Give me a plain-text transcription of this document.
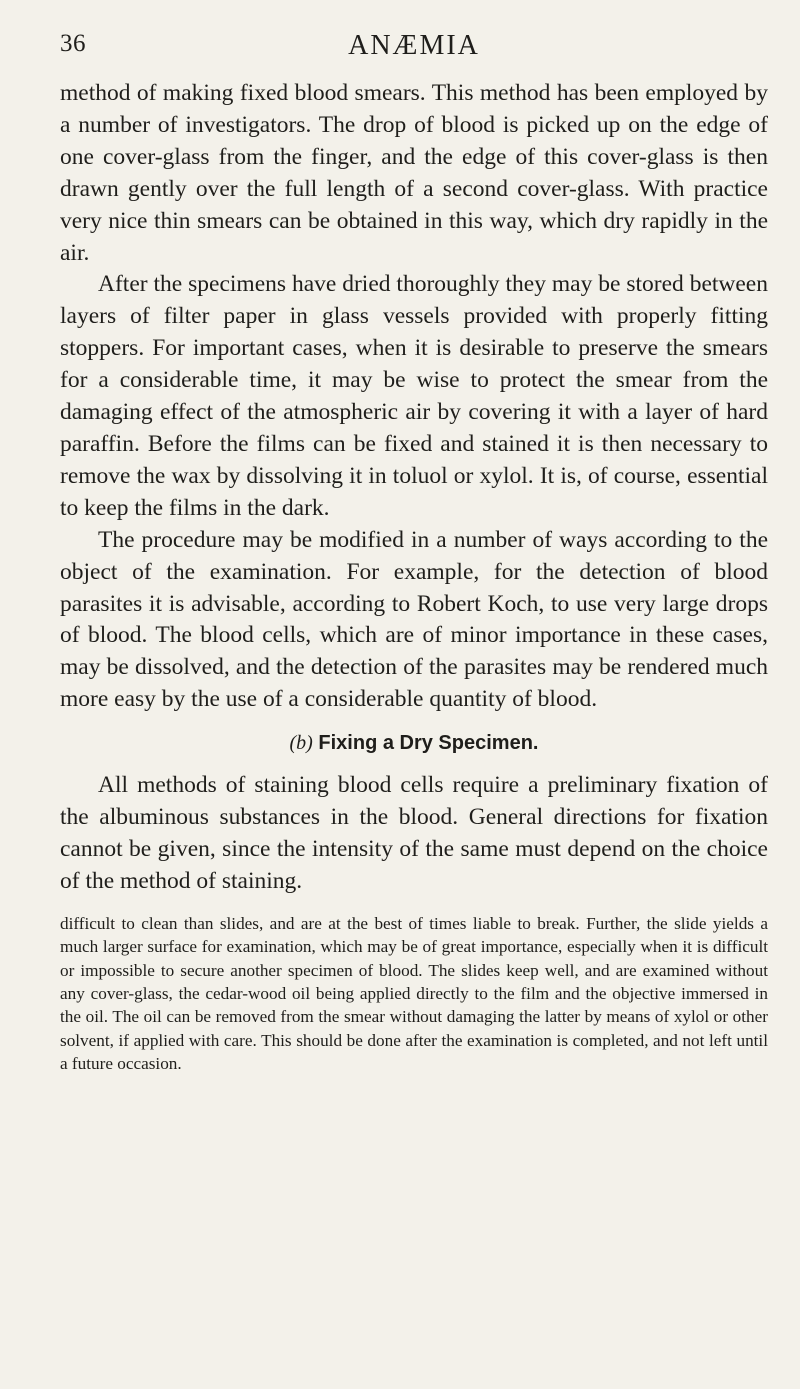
36	ANÆMIA

method of making fixed blood smears. This method has been employed by a number of investigators. The drop of blood is picked up on the edge of one cover-glass from the finger, and the edge of this cover-glass is then drawn gently over the full length of a second cover-glass. With practice very nice thin smears can be obtained in this way, which dry rapidly in the air.

After the specimens have dried thoroughly they may be stored between layers of filter paper in glass vessels provided with properly fitting stoppers. For important cases, when it is desirable to preserve the smears for a considerable time, it may be wise to protect the smear from the damaging effect of the atmospheric air by covering it with a layer of hard paraffin. Before the films can be fixed and stained it is then necessary to remove the wax by dissolving it in toluol or xylol. It is, of course, essential to keep the films in the dark.

The procedure may be modified in a number of ways according to the object of the examination. For example, for the detection of blood parasites it is advisable, according to Robert Koch, to use very large drops of blood. The blood cells, which are of minor importance in these cases, may be dissolved, and the detection of the parasites may be rendered much more easy by the use of a considerable quantity of blood.

(b) Fixing a Dry Specimen.

All methods of staining blood cells require a preliminary fixation of the albuminous substances in the blood. General directions for fixation cannot be given, since the intensity of the same must depend on the choice of the method of staining.

difficult to clean than slides, and are at the best of times liable to break. Further, the slide yields a much larger surface for examination, which may be of great importance, especially when it is difficult or impossible to secure another specimen of blood. The slides keep well, and are examined without any cover-glass, the cedar-wood oil being applied directly to the film and the objective immersed in the oil. The oil can be removed from the smear without damaging the latter by means of xylol or other solvent, if applied with care. This should be done after the examination is completed, and not left until a future occasion.
